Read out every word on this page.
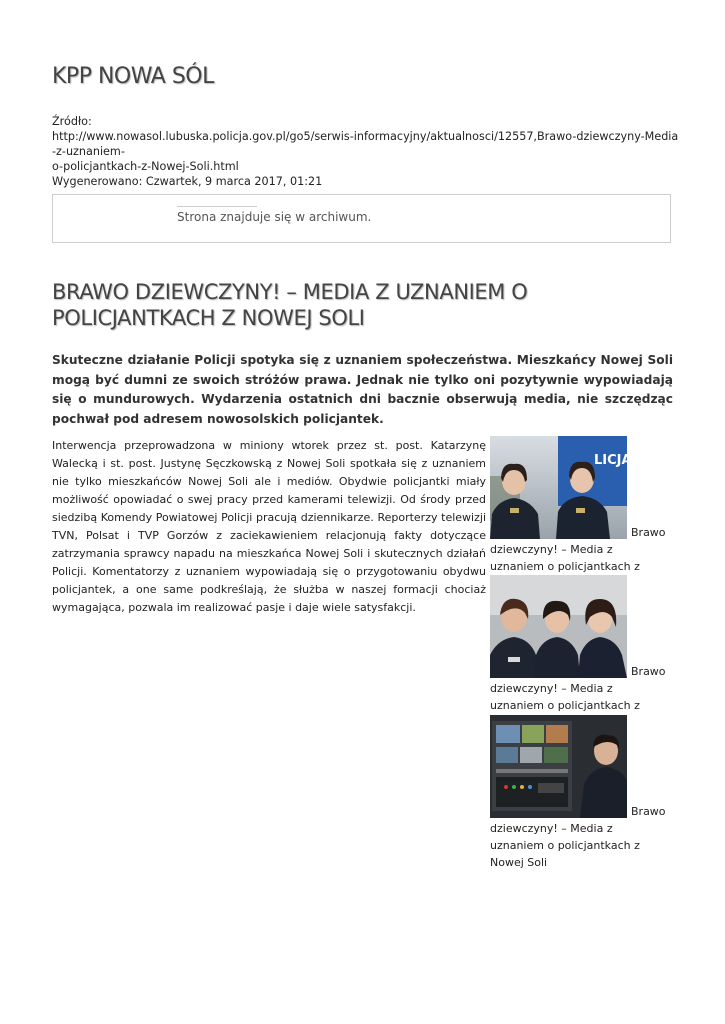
KPP NOWA SÓL
Źródło:
http://www.nowasol.lubuska.policja.gov.pl/go5/serwis-informacyjny/aktualnosci/12557,Brawo-dziewczyny-Media-z-uznaniem-
o-policjantkach-z-Nowej-Soli.html
Wygenerowano: Czwartek, 9 marca 2017, 01:21
Strona znajduje się w archiwum.
BRAWO DZIEWCZYNY! – MEDIA Z UZNANIEM O POLICJANTKACH Z NOWEJ SOLI

Skuteczne działanie Policji spotyka się z uznaniem społeczeństwa. Mieszkańcy Nowej Soli mogą być dumni ze swoich stróżów prawa. Jednak nie tylko oni pozytywnie wypowiadają się o mundurowych. Wydarzenia ostatnich dni bacznie obserwują media, nie szczędząc pochwał pod adresem nowosolskich policjantek.

Interwencja przeprowadzona w miniony wtorek przez st. post. Katarzynę Walecką i st. post. Justynę Sęczkowską z Nowej Soli spotkała się z uznaniem nie tylko mieszkańców Nowej Soli ale i mediów. Obydwie policjantki miały możliwość opowiadać o swej pracy przed kamerami telewizji. Od środy przed siedzibą Komendy Powiatowej Policji pracują dziennikarze. Reporterzy telewizji TVN, Polsat i TVP Gorzów z zaciekawieniem relacjonują fakty dotyczące zatrzymania sprawcy napadu na mieszkańca Nowej Soli i skutecznych działań Policji. Komentatorzy z uznaniem wypowiadają się o przygotowaniu obydwu policjantek, a one same podkreślają, że służba w naszej formacji chociaż wymagająca, pozwala im realizować pasje i daje wiele satysfakcji.

LICJA
Brawo
dziewczyny! – Media z uznaniem o policjantkach z
Brawo
dziewczyny! – Media z uznaniem o policjantkach z
Brawo
dziewczyny! – Media z uznaniem o policjantkach z Nowej Soli
